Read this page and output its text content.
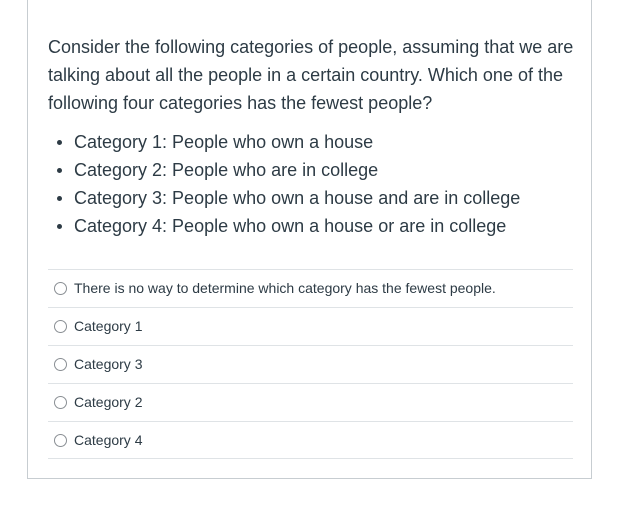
Consider the following categories of people, assuming that we are talking about all the people in a certain country. Which one of the following four categories has the fewest people?

Category 1: People who own a house
Category 2: People who are in college
Category 3: People who own a house and are in college
Category 4: People who own a house or are in college
There is no way to determine which category has the fewest people.
Category 1
Category 3
Category 2
Category 4
